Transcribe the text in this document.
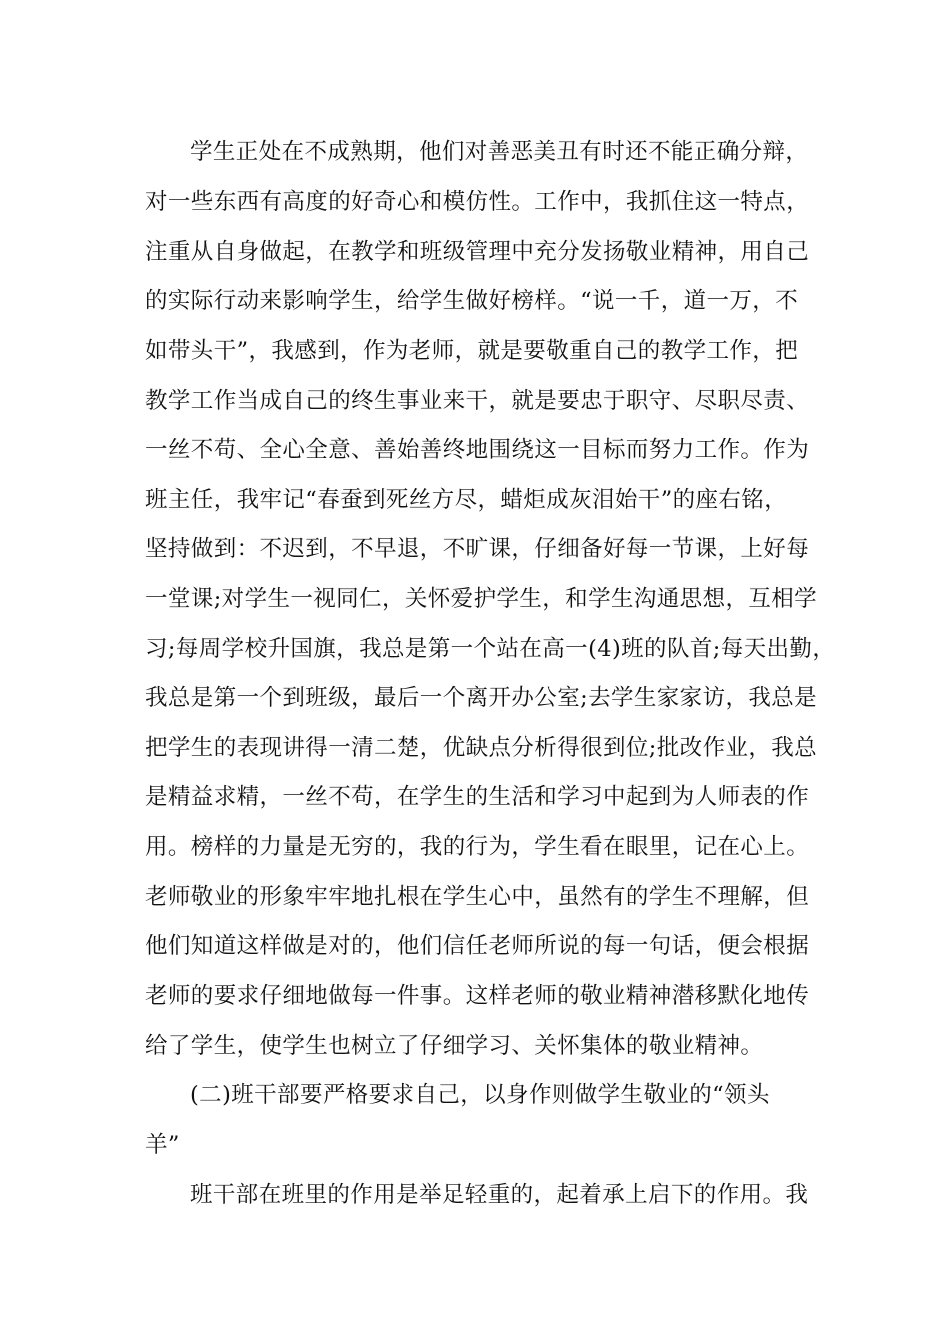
学生正处在不成熟期，他们对善恶美丑有时还不能正确分辩，
对一些东西有高度的好奇心和模仿性。工作中，我抓住这一特点，
注重从自身做起，在教学和班级管理中充分发扬敬业精神，用自己
的实际行动来影响学生，给学生做好榜样。“说一千，道一万，不
如带头干”，我感到，作为老师，就是要敬重自己的教学工作，把
教学工作当成自己的终生事业来干，就是要忠于职守、尽职尽责、
一丝不苟、全心全意、善始善终地围绕这一目标而努力工作。作为
班主任，我牢记“春蚕到死丝方尽，蜡炬成灰泪始干”的座右铭，
坚持做到：不迟到，不早退，不旷课，仔细备好每一节课，上好每
一堂课;对学生一视同仁，关怀爱护学生，和学生沟通思想，互相学
习;每周学校升国旗，我总是第一个站在高一(4)班的队首;每天出勤，
我总是第一个到班级，最后一个离开办公室;去学生家家访，我总是
把学生的表现讲得一清二楚，优缺点分析得很到位;批改作业，我总
是精益求精，一丝不苟，在学生的生活和学习中起到为人师表的作
用。榜样的力量是无穷的，我的行为，学生看在眼里，记在心上。
老师敬业的形象牢牢地扎根在学生心中，虽然有的学生不理解，但
他们知道这样做是对的，他们信任老师所说的每一句话，便会根据
老师的要求仔细地做每一件事。这样老师的敬业精神潜移默化地传
给了学生，使学生也树立了仔细学习、关怀集体的敬业精神。
(二)班干部要严格要求自己，以身作则做学生敬业的“领头
羊”
班干部在班里的作用是举足轻重的，起着承上启下的作用。我
